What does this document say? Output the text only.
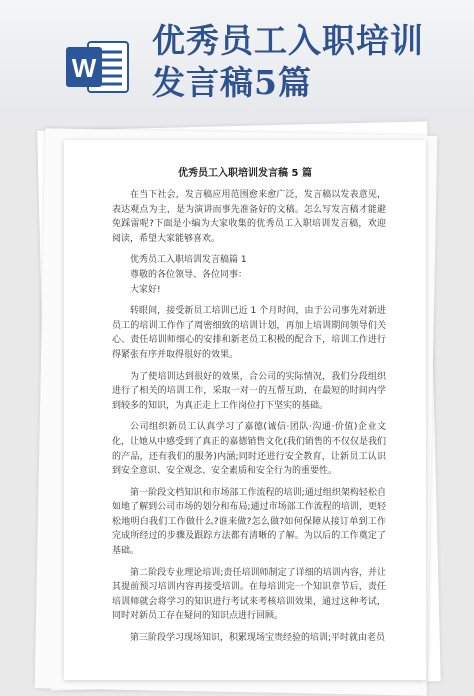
W
优秀员工入职培训
发言稿5篇
优秀员工入职培训发言稿 5 篇

在当下社会，发言稿应用范围愈来愈广泛，发言稿以发表意见，表达观点为主，是为演讲而事先准备好的文稿。怎么写发言稿才能避免踩雷呢?下面是小编为大家收集的优秀员工入职培训发言稿，欢迎阅读，希望大家能够喜欢。

优秀员工入职培训发言稿篇 1

尊敬的各位领导、各位同事：

大家好!

转眼间，接受新员工培训已近 1 个月时间，由于公司事先对新进员工的培训工作作了周密细致的培训计划，再加上培训期间领导们关心、责任培训师细心的安排和新老员工积极的配合下，培训工作进行得紧张有序并取得很好的效果。

为了使培训达到很好的效果，合公司的实际情况，我们分段组织进行了相关的培训工作，采取一对一的互帮互助，在最短的时间内学到较多的知识，为真正走上工作岗位打下坚实的基础。

公司组织新员工认真学习了嘉德(诚信·团队·沟通·价值)企业文化，让她从中感受到了真正的嘉德销售文化(我们销售的不仅仅是我们的产品，还有我们的服务)内涵;同时还进行安全教育，让新员工认识到安全意识、安全观念、安全素质和安全行为的重要性。

第一阶段文档知识和市场部工作流程的培训;通过组织架构轻松自如地了解到公司市场的划分和布局;通过市场部工作流程的培训，更轻松地明白我们工作做什么?谁来做?怎么做?如何保障从接订单到工作完成所经过的步骤及跟踪方法都有清晰的了解。为以后的工作奠定了基础。

第二阶段专业理论培训;责任培训师制定了详细的培训内容，并让其提前预习培训内容再接受培训。在每培训完一个知识章节后，责任培训师就会将学习的知识进行考试来考核培训效果，通过这种考试，同时对新员工存在疑问的知识点进行回顾。

第三阶段学习现场知识，积累现场宝贵经验的培训;平时就由老员
